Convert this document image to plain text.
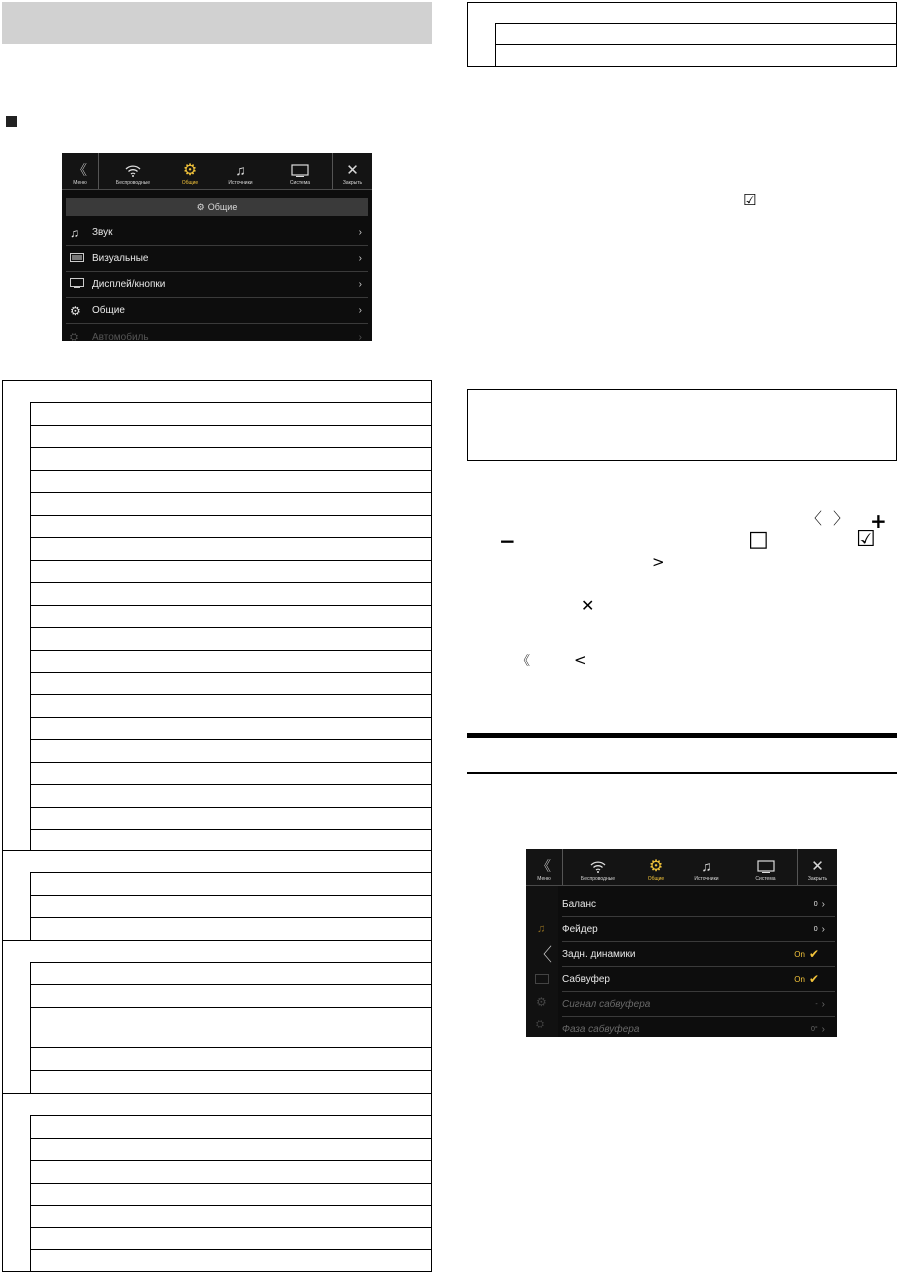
《
Меню	Беспроводные
⚙
Общие
♫
Источники	Система
✕
Закрыть
⚙ Общие
♫	Звук	›
Визуальные	›
Дисплей/кнопки	›
⚙	Общие	›
⛭	Автомобиль	›
☑
〈 〉 +
−	□	☑
>
✕
《	<
《
Меню	Беспроводные
⚙
Общие
♫
Источники	Система
✕
Закрыть
♫
〈
⚙
⛭
Баланс	0 ›
Фейдер	0 ›
Задн. динамики	On ✔
Сабвуфер	On ✔
Сигнал сабвуфера	- ›
Фаза сабвуфера	0° ›
